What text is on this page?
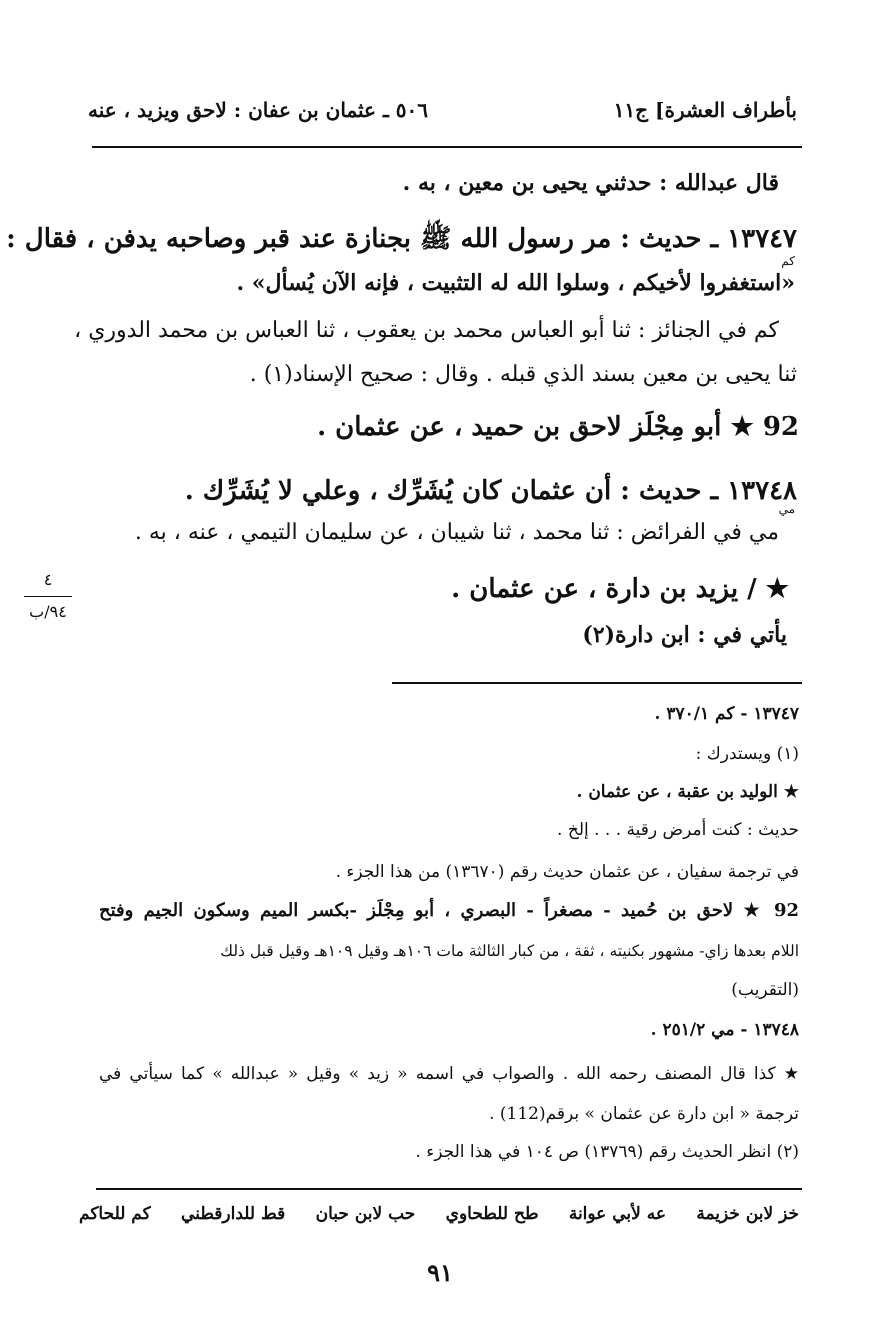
بأطراف العشرة] ج١١
٥٠٦ ـ عثمان بن عفان : لاحق ويزيد ، عنه
قال عبدالله : حدثني يحيى بن معين ، به .
١٣٧٤٧ ـ حديث : مر رسول الله ﷺ بجنازة عند قبر وصاحبه يدفن ، فقال :
كم
«استغفروا لأخيكم ، وسلوا الله له التثبيت ، فإنه الآن يُسأل» .
كم في الجنائز : ثنا أبو العباس محمد بن يعقوب ، ثنا العباس بن محمد الدوري ،
ثنا يحيى بن معين بسند الذي قبله . وقال : صحيح الإسناد(١) .
92 ★ أبو مِجْلَز لاحق بن حميد ، عن عثمان .
١٣٧٤٨ ـ حديث : أن عثمان كان يُشَرِّك ، وعلي لا يُشَرِّك .
مي
مي في الفرائض : ثنا محمد ، ثنا شيبان ، عن سليمان التيمي ، عنه ، به .
★ / يزيد بن دارة ، عن عثمان .
يأتي في : ابن دارة(٢)
٤
٩٤/ب
١٣٧٤٧ - كم ٣٧٠/١ .
(١) ويستدرك :
★ الوليد بن عقبة ، عن عثمان .
حديث : كنت أمرض رقية . . . إلخ .
في ترجمة سفيان ، عن عثمان حديث رقم (١٣٦٧٠) من هذا الجزء .
92 ★ لاحق بن حُميد - مصغراً - البصري ، أبو مِجْلَز -بكسر الميم وسكون الجيم وفتح
اللام بعدها زاي- مشهور بكنيته ، ثقة ، من كبار الثالثة مات ١٠٦هـ وقيل ١٠٩هـ وقيل قبل ذلك
(التقريب)
١٣٧٤٨ - مي ٢٥١/٢ .
★ كذا قال المصنف رحمه الله . والصواب في اسمه « زيد » وقيل « عبدالله » كما سيأتي في
ترجمة « ابن دارة عن عثمان » برقم(112) .
(٢) انظر الحديث رقم (١٣٧٦٩) ص ١٠٤ في هذا الجزء .
خز لابن خزيمة
عه لأبي عوانة
طح للطحاوي
حب لابن حبان
قط للدارقطني
كم للحاكم
٩١
